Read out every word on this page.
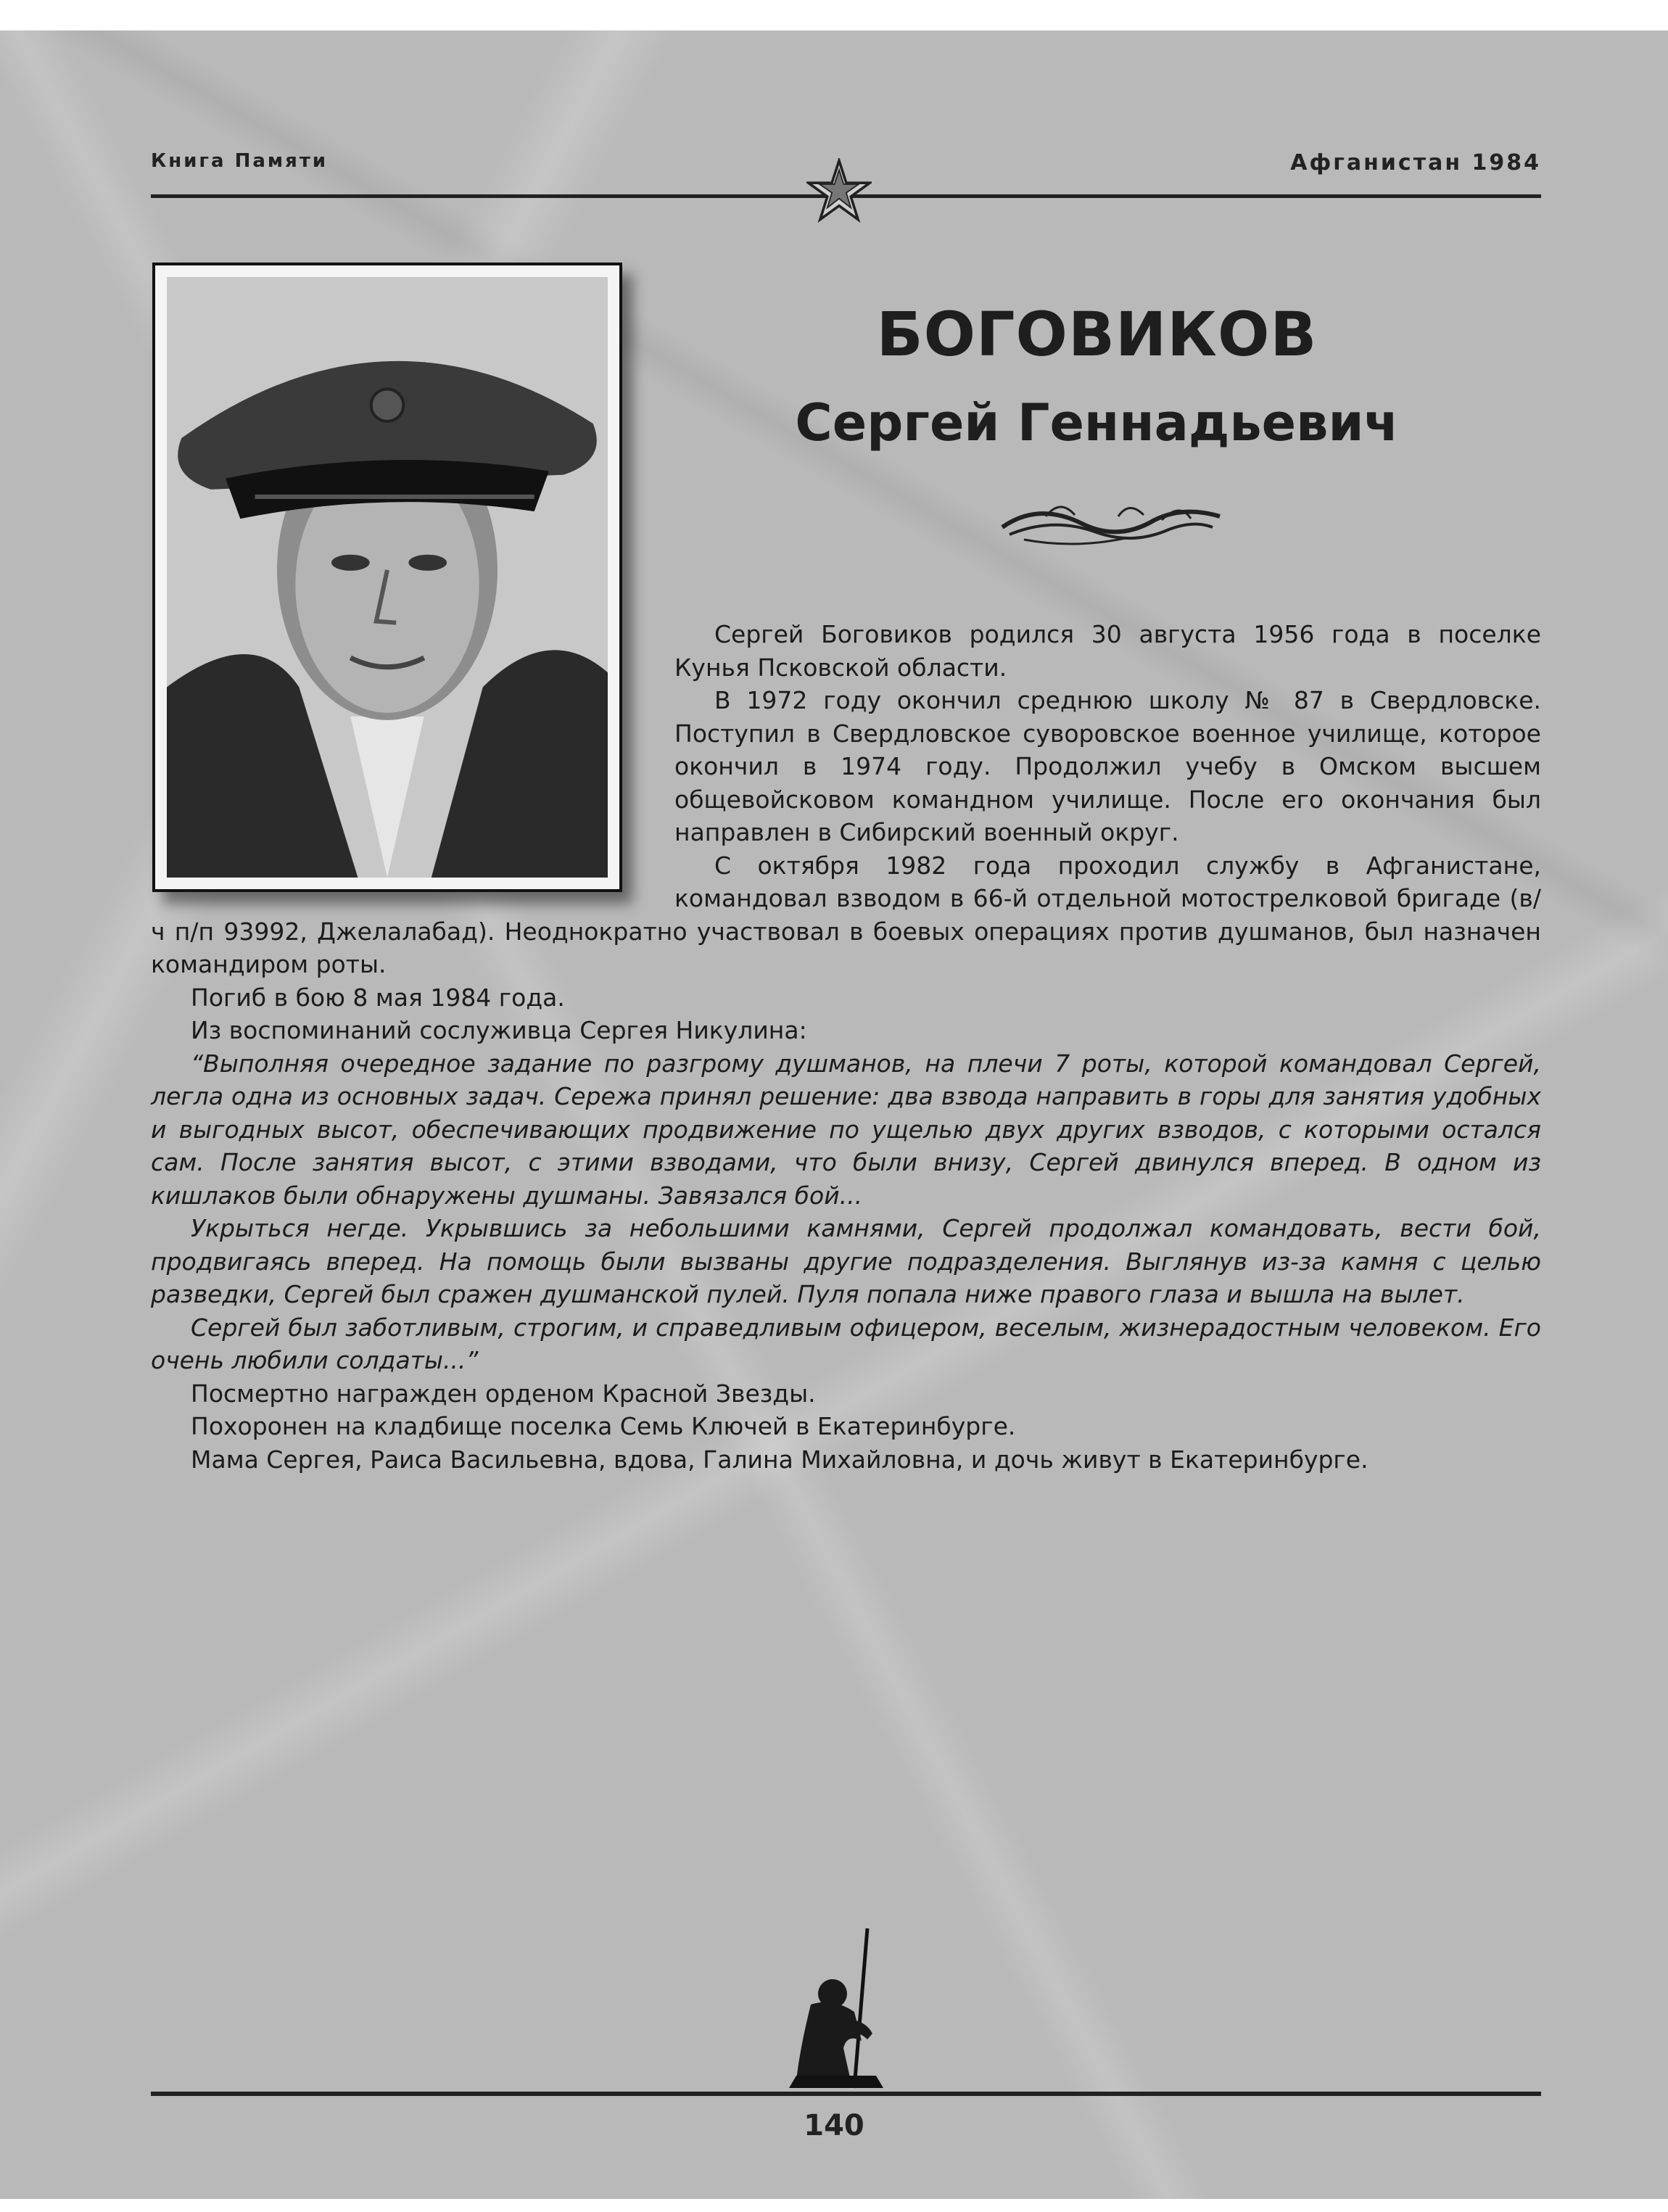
Книга Памяти	Афганистан 1984
БОГОВИКОВ
Сергей Геннадьевич

Сергей Боговиков родился 30 августа 1956 года в поселке Кунья Псковской области.

В 1972 году окончил среднюю школу № 87 в Свердловске. Поступил в Свердловское суворовское военное училище, которое окончил в 1974 году. Продолжил учебу в Омском высшем общевойсковом командном училище. После его окончания был направлен в Сибирский военный округ.

С октября 1982 года проходил службу в Афганистане, командовал взводом в 66-й отдельной мотострелковой бригаде (в/ч п/п 93992, Джелалабад). Неоднократно участвовал в боевых операциях против душманов, был назначен командиром роты.

Погиб в бою 8 мая 1984 года.

Из воспоминаний сослуживца Сергея Никулина:

“Выполняя очередное задание по разгрому душманов, на плечи 7 роты, которой командовал Сергей, легла одна из основных задач. Сережа принял решение: два взвода направить в горы для занятия удобных и выгодных высот, обеспечивающих продвижение по ущелью двух других взводов, с которыми остался сам. После занятия высот, с этими взводами, что были внизу, Сергей двинулся вперед. В одном из кишлаков были обнаружены душманы. Завязался бой...

Укрыться негде. Укрывшись за небольшими камнями, Сергей продолжал командовать, вести бой, продвигаясь вперед. На помощь были вызваны другие подразделения. Выглянув из-за камня с целью разведки, Сергей был сражен душманской пулей. Пуля попала ниже правого глаза и вышла на вылет.

Сергей был заботливым, строгим, и справедливым офицером, веселым, жизнерадостным человеком. Его очень любили солдаты...”

Посмертно награжден орденом Красной Звезды.

Похоронен на кладбище поселка Семь Ключей в Екатеринбурге.

Мама Сергея, Раиса Васильевна, вдова, Галина Михайловна, и дочь живут в Екатеринбурге.

140
